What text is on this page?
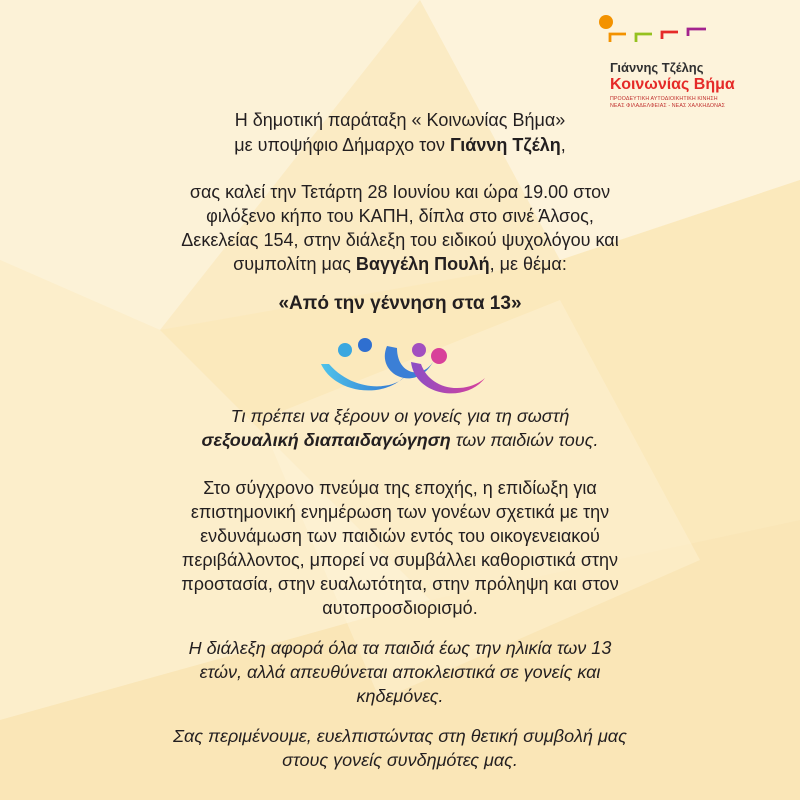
Γιάννης Τζέλης
Κοινωνίας Βήμα
ΠΡΟΟΔΕΥΤΙΚΗ ΑΥΤΟΔΙΟΙΚΗΤΙΚΗ ΚΙΝΗΣΗ
ΝΕΑΣ ΦΙΛΑΔΕΛΦΕΙΑΣ - ΝΕΑΣ ΧΑΛΚΗΔΟΝΑΣ

Η δημοτική παράταξη « Κοινωνίας Βήμα»

με υποψήφιο Δήμαρχο τον Γιάννη Τζέλη,

σας καλεί την Τετάρτη 28 Ιουνίου και ώρα 19.00 στον
φιλόξενο κήπο του ΚΑΠΗ, δίπλα στο σινέ Άλσος,
Δεκελείας 154, στην διάλεξη του ειδικού ψυχολόγου και
συμπολίτη μας Βαγγέλη Πουλή, με θέμα:

«Από την γέννηση στα 13»

Τι πρέπει να ξέρουν οι γονείς για τη σωστή

σεξουαλική διαπαιδαγώγηση των παιδιών τους.

Στο σύγχρονο πνεύμα της εποχής, η επιδίωξη για
επιστημονική ενημέρωση των γονέων σχετικά με την
ενδυνάμωση των παιδιών εντός του οικογενειακού
περιβάλλοντος, μπορεί να συμβάλλει καθοριστικά στην
προστασία, στην ευαλωτότητα, στην πρόληψη και στον
αυτοπροσδιορισμό.
Η διάλεξη αφορά όλα τα παιδιά έως την ηλικία των 13
ετών, αλλά απευθύνεται αποκλειστικά σε γονείς και
κηδεμόνες.
Σας περιμένουμε, ευελπιστώντας στη θετική συμβολή μας
στους γονείς συνδημότες μας.
